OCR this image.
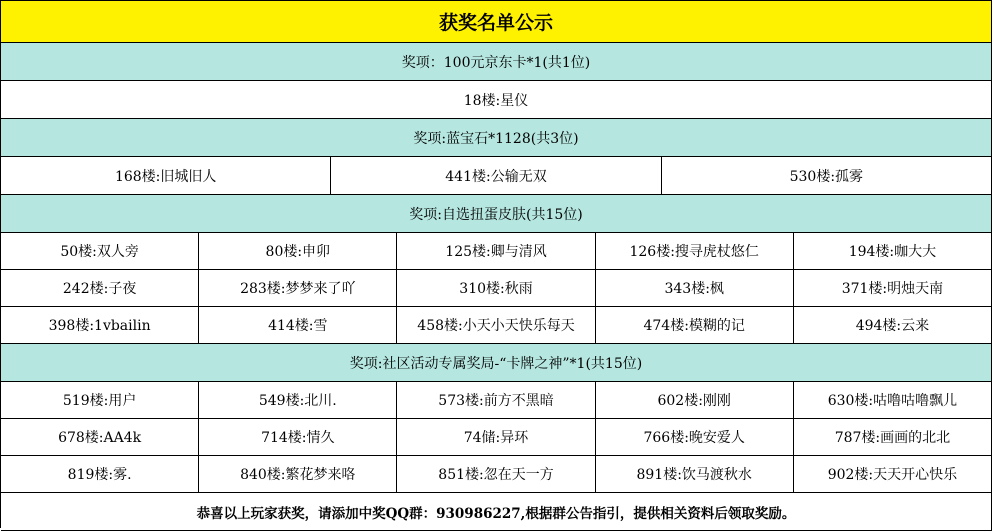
获奖名单公示
奖项：100元京东卡*1(共1位)
18楼:星仪
奖项:蓝宝石*1128(共3位)
168楼:旧城旧人	441楼:公输无双	530楼:孤雾
奖项:自选扭蛋皮肤(共15位)
50楼:双人旁	80楼:申卯	125楼:卿与清风	126楼:搜寻虎杖悠仁	194楼:咖大大
242楼:子夜	283楼:梦梦来了吖	310楼:秋雨	343楼:枫	371楼:明烛天南
398楼:1vbailin	414楼:雪	458楼:小天小天快乐每天	474楼:模糊的记	494楼:云来
奖项:社区活动专属奖局-“卡牌之神”*1(共15位)
519楼:用户	549楼:北川.	573楼:前方不黑暗	602楼:刚刚	630楼:咕噜咕噜飘儿
678楼:AA4k	714楼:情久	74储:异环	766楼:晚安爱人	787楼:画画的北北
819楼:雾.	840楼:繁花梦来咯	851楼:忽在天一方	891楼:饮马渡秋水	902楼:天天开心快乐
恭喜以上玩家获奖，请添加中奖QQ群：930986227,根据群公告指引，提供相关资料后领取奖励。
